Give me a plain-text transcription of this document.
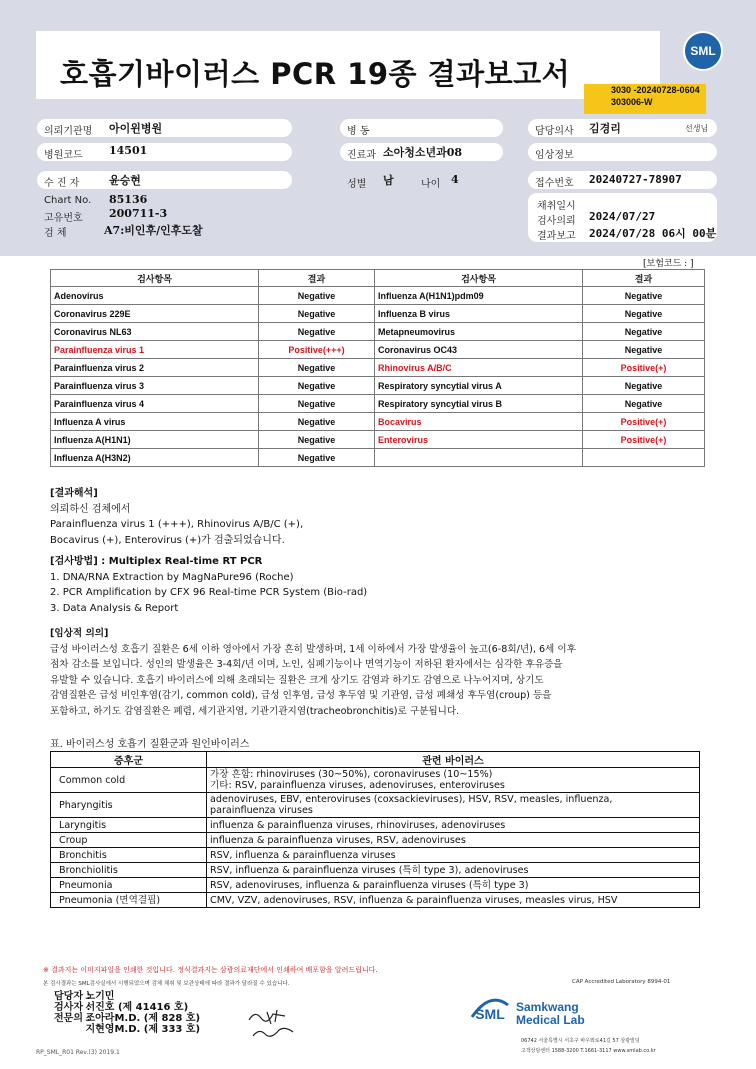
호흡기바이러스 PCR 19종 결과보고서
SML
3030 -20240728-0604
303006-W
의뢰기관명 아이윈병원	병 동	담당의사 김경리	선생님
병원코드 14501	진료과 소아청소년과08	임상정보
수 진 자	윤승현	성별 남	나이 4	접수번호 20240727-78907
Chart No. 85136
고유번호 200711-3
검 체	A7:비인후/인후도찰
채취일시
검사의뢰 2024/07/27
결과보고 2024/07/28 06시 00분
[보험코드 : ]
검사항목	결과	검사항목	결과
Adenovirus	Negative	Influenza A(H1N1)pdm09	Negative
Coronavirus 229E	Negative	Influenza B virus	Negative
Coronavirus NL63	Negative	Metapneumovirus	Negative
Parainfluenza virus 1	Positive(+++)	Coronavirus OC43	Negative
Parainfluenza virus 2	Negative	Rhinovirus A/B/C	Positive(+)
Parainfluenza virus 3	Negative	Respiratory syncytial virus A	Negative
Parainfluenza virus 4	Negative	Respiratory syncytial virus B	Negative
Influenza A virus	Negative	Bocavirus	Positive(+)
Influenza A(H1N1)	Negative	Enterovirus	Positive(+)
Influenza A(H3N2)	Negative		
[결과해석]
의뢰하신 검체에서
Parainfluenza virus 1 (+++), Rhinovirus A/B/C (+),
Bocavirus (+), Enterovirus (+)가 검출되었습니다.
[검사방법] : Multiplex Real-time RT PCR
1. DNA/RNA Extraction by MagNaPure96 (Roche)
2. PCR Amplification by CFX 96 Real-time PCR System (Bio-rad)
3. Data Analysis & Report
[임상적 의의]
급성 바이러스성 호흡기 질환은 6세 이하 영아에서 가장 흔히 발생하며, 1세 이하에서 가장 발생율이 높고(6-8회/년), 6세 이후
점차 감소를 보입니다. 성인의 발생율은 3-4회/년 이며, 노인, 심폐기능이나 면역기능이 저하된 환자에서는 심각한 후유증을
유발할 수 있습니다. 호흡기 바이러스에 의해 초래되는 질환은 크게 상기도 감염과 하기도 감염으로 나누어지며, 상기도
감염질환은 급성 비인후염(감기, common cold), 급성 인후염, 급성 후두염 및 기관염, 급성 폐쇄성 후두염(croup) 등을
포함하고, 하기도 감염질환은 폐렴, 세기관지염, 기관기관지염(tracheobronchitis)로 구분됩니다.
표. 바이러스성 호흡기 질환군과 원인바이러스
증후군	관련 바이러스
Common cold	가장 흔함: rhinoviruses (30~50%), coronaviruses (10~15%)
기타: RSV, parainfluenza viruses, adenoviruses, enteroviruses

Pharyngitis	adenoviruses, EBV, enteroviruses (coxsackieviruses), HSV, RSV, measles, influenza,
parainfluenza viruses

Laryngitis	influenza & parainfluenza viruses, rhinoviruses, adenoviruses

Croup	influenza & parainfluenza viruses, RSV, adenoviruses

Bronchitis	RSV, influenza & parainfluenza viruses

Bronchiolitis	RSV, influenza & parainfluenza viruses (특히 type 3), adenoviruses

Pneumonia	RSV, adenoviruses, influenza & parainfluenza viruses (특히 type 3)

Pneumonia (면역결핍)	CMV, VZV, adenoviruses, RSV, influenza & parainfluenza viruses, measles virus, HSV
※ 결과지는 이미지파일을 인쇄한 것입니다. 정식결과지는 삼광의료재단에서 인쇄하여 배포함을 알려드립니다.
본 검사결과는 SML검사실에서 시행되었으며 검체 채취 및 보관상태에 따라 결과가 달라질 수 있습니다.	CAP Accredited Laboratory 8994-01
담당자 : 노기민
검사자 : 서진호 (제 41416 호)
전문의 : 조아라M.D. (제 828 호)
지현영M.D. (제 333 호)
RP_SML_R01 Rev.(3) 2019.1
SML Samkwang
Medical Lab
06742 서울특별시 서초구 바우뫼로41길 57 삼광빌딩
고객상담센터 1588-3200 T.1661-3117 www.smlab.co.kr
